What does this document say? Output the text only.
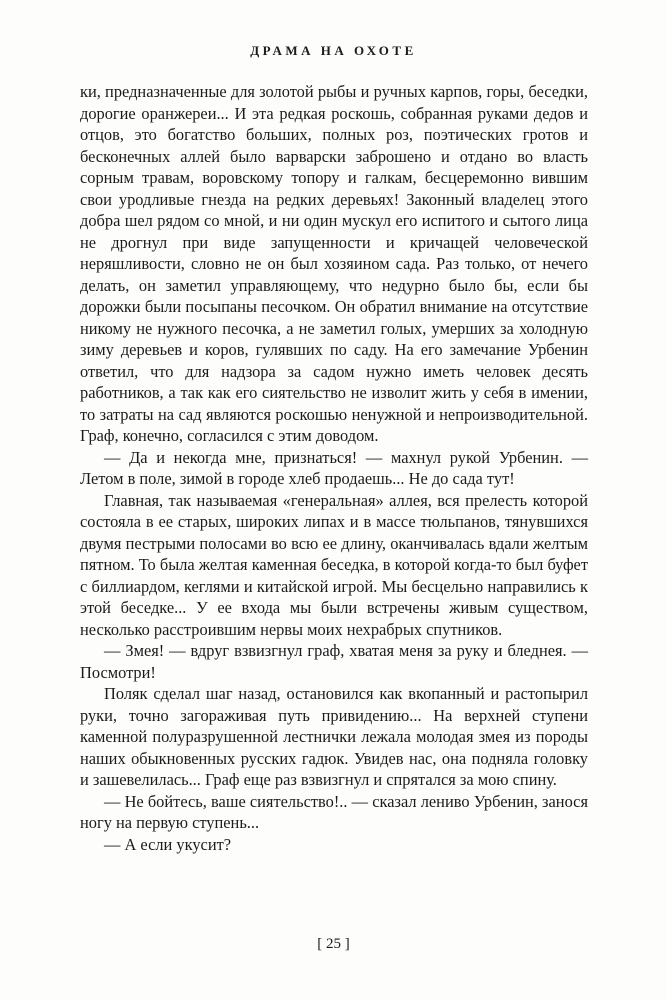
ДРАМА НА ОХОТЕ

ки, предназначенные для золотой рыбы и ручных карпов, горы, беседки, дорогие оранжереи... И эта редкая роскошь, собранная руками дедов и отцов, это богатство больших, полных роз, поэтических гротов и бесконечных аллей было варварски заброшено и отдано во власть сорным травам, воровскому топору и галкам, бесцеремонно вившим свои уродливые гнезда на редких деревьях! Законный владелец этого добра шел рядом со мной, и ни один мускул его испитого и сытого лица не дрогнул при виде запущенности и кричащей человеческой неряшливости, словно не он был хозяином сада. Раз только, от нечего делать, он заметил управляющему, что недурно было бы, если бы дорожки были посыпаны песочком. Он обратил внимание на отсутствие никому не нужного песочка, а не заметил голых, умерших за холодную зиму деревьев и коров, гулявших по саду. На его замечание Урбенин ответил, что для надзора за садом нужно иметь человек десять работников, а так как его сиятельство не изволит жить у себя в имении, то затраты на сад являются роскошью ненужной и непроизводительной. Граф, конечно, согласился с этим доводом.

— Да и некогда мне, признаться! — махнул рукой Урбенин. — Летом в поле, зимой в городе хлеб продаешь... Не до сада тут!

Главная, так называемая «генеральная» аллея, вся прелесть которой состояла в ее старых, широких липах и в массе тюльпанов, тянувшихся двумя пестрыми полосами во всю ее длину, оканчивалась вдали желтым пятном. То была желтая каменная беседка, в которой когда-то был буфет с биллиардом, кеглями и китайской игрой. Мы бесцельно направились к этой беседке... У ее входа мы были встречены живым существом, несколько расстроившим нервы моих нехрабрых спутников.

— Змея! — вдруг взвизгнул граф, хватая меня за руку и бледнея. — Посмотри!

Поляк сделал шаг назад, остановился как вкопанный и растопырил руки, точно загораживая путь привидению... На верхней ступени каменной полуразрушенной лестнички лежала молодая змея из породы наших обыкновенных русских гадюк. Увидев нас, она подняла головку и зашевелилась... Граф еще раз взвизгнул и спрятался за мою спину.

— Не бойтесь, ваше сиятельство!.. — сказал лениво Урбенин, занося ногу на первую ступень...

— А если укусит?

[ 25 ]
